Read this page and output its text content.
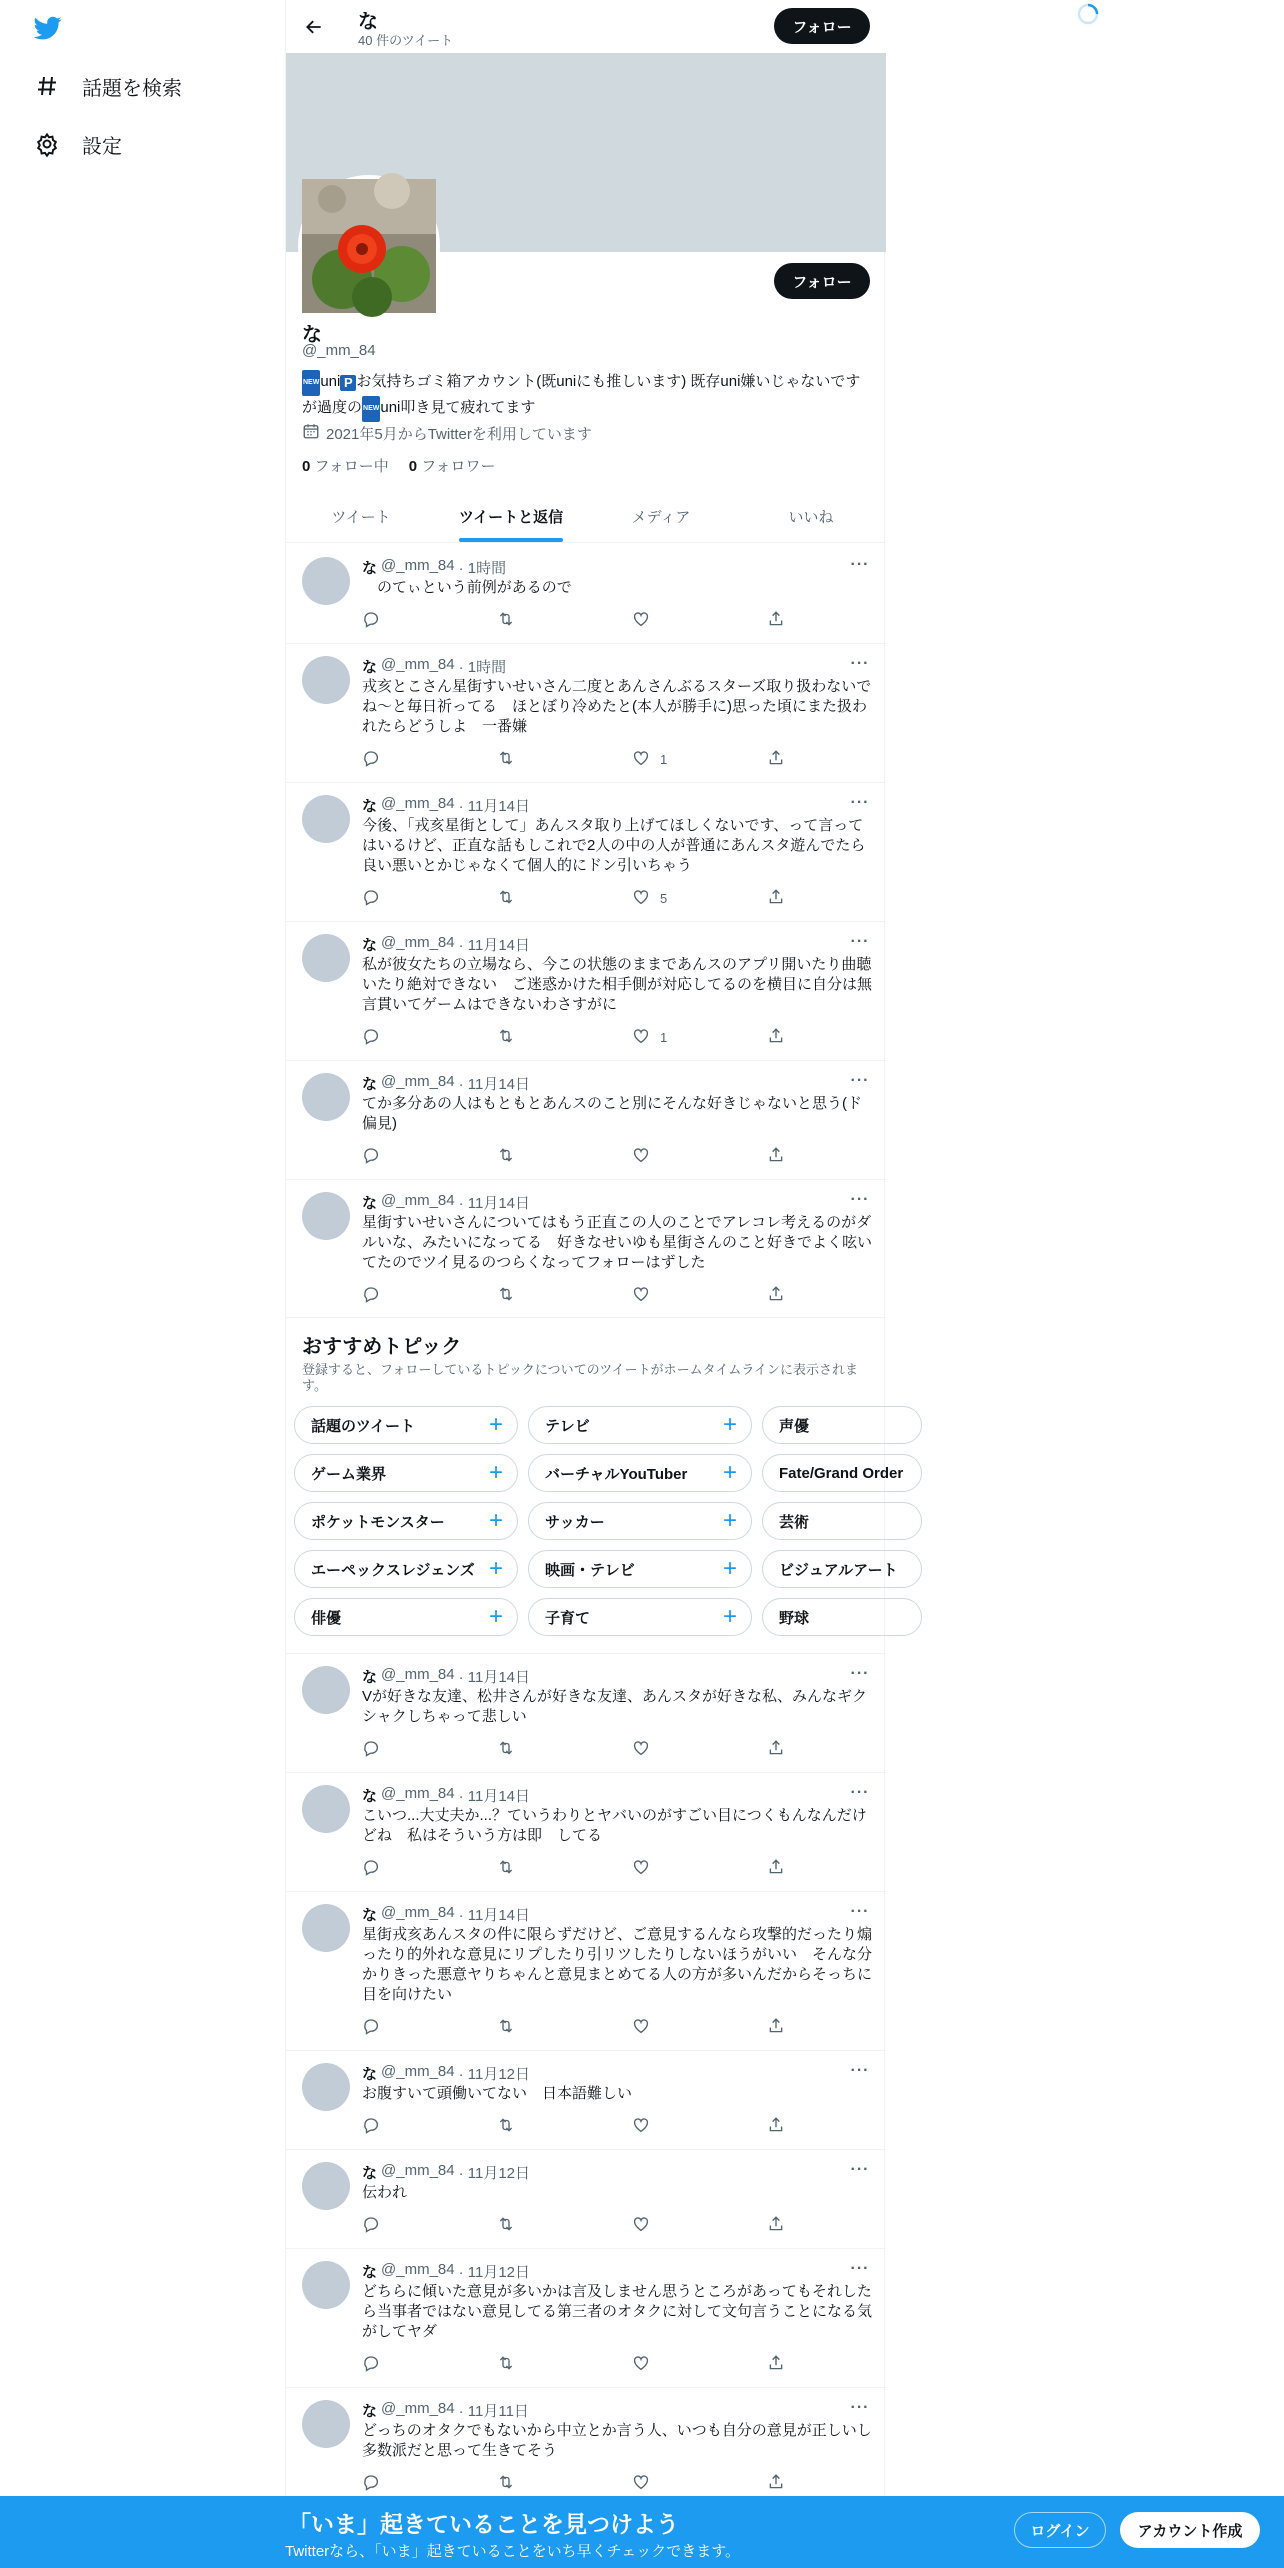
話題を検索
設定
な
40 件のツイート
フォロー
フォロー
な
@_mm_84
NEWuni P お気持ちゴミ箱アカウント(既uniにも推しいます) 既存uni嫌いじゃないですが過度のNEWuni叩き見て疲れてます
2021年5月からTwitterを利用しています
0 フォロー中 0 フォロワー
ツイート	ツイートと返信	メディア	いいね
な @_mm_84 · 1時間	···
　のてぃという前例があるので
な @_mm_84 · 1時間	···
戎亥とこさん星街すいせいさん二度とあんさんぶるスターズ取り扱わないでね〜と毎日祈ってる　ほとぼり冷めたと(本人が勝手に)思った頃にまた扱われたらどうしよ　一番嫌
1
な @_mm_84 · 11月14日	···
今後、「戎亥星街として」あんスタ取り上げてほしくないです、って言ってはいるけど、正直な話もしこれで2人の中の人が普通にあんスタ遊んでたら良い悪いとかじゃなくて個人的にドン引いちゃう
5
な @_mm_84 · 11月14日	···
私が彼女たちの立場なら、今この状態のままであんスのアプリ開いたり曲聴いたり絶対できない　ご迷惑かけた相手側が対応してるのを横目に自分は無言貫いてゲームはできないわさすがに
1
な @_mm_84 · 11月14日	···
てか多分あの人はもともとあんスのこと別にそんな好きじゃないと思う(ド偏見)
な @_mm_84 · 11月14日	···
星街すいせいさんについてはもう正直この人のことでアレコレ考えるのがダルいな、みたいになってる　好きなせいゆも星街さんのこと好きでよく呟いてたのでツイ見るのつらくなってフォローはずした
おすすめトピック
登録すると、フォローしているトピックについてのツイートがホームタイムラインに表示されます。
話題のツイート	+	テレビ	+	声優
ゲーム業界	+	バーチャルYouTuber +	Fate/Grand Order
ポケットモンスター +	サッカー	+	芸術
エーペックスレジェンズ +	映画・テレビ	+	ビジュアルアート
俳優	+	子育て	+	野球
な @_mm_84 · 11月14日	···
Vが好きな友達、松井さんが好きな友達、あんスタが好きな私、みんなギクシャクしちゃって悲しい
な @_mm_84 · 11月14日	···
こいつ...大丈夫か...？ていうわりとヤバいのがすごい目につくもんなんだけどね　私はそういう方は即　してる
な @_mm_84 · 11月14日	···
星街戎亥あんスタの件に限らずだけど、ご意見するんなら攻撃的だったり煽ったり的外れな意見にリプしたり引リツしたりしないほうがいい　そんな分かりきった悪意ヤりちゃんと意見まとめてる人の方が多いんだからそっちに目を向けたい
な @_mm_84 · 11月12日	···
お腹すいて頭働いてない　日本語難しい
な @_mm_84 · 11月12日	···
伝われ
な @_mm_84 · 11月12日	···
どちらに傾いた意見が多いかは言及しません思うところがあってもそれしたら当事者ではない意見してる第三者のオタクに対して文句言うことになる気がしてヤダ
な @_mm_84 · 11月11日	···
どっちのオタクでもないから中立とか言う人、いつも自分の意見が正しいし多数派だと思って生きてそう
「いま」起きていることを見つけよう
Twitterなら、「いま」起きていることをいち早くチェックできます。
ログイン	アカウント作成
